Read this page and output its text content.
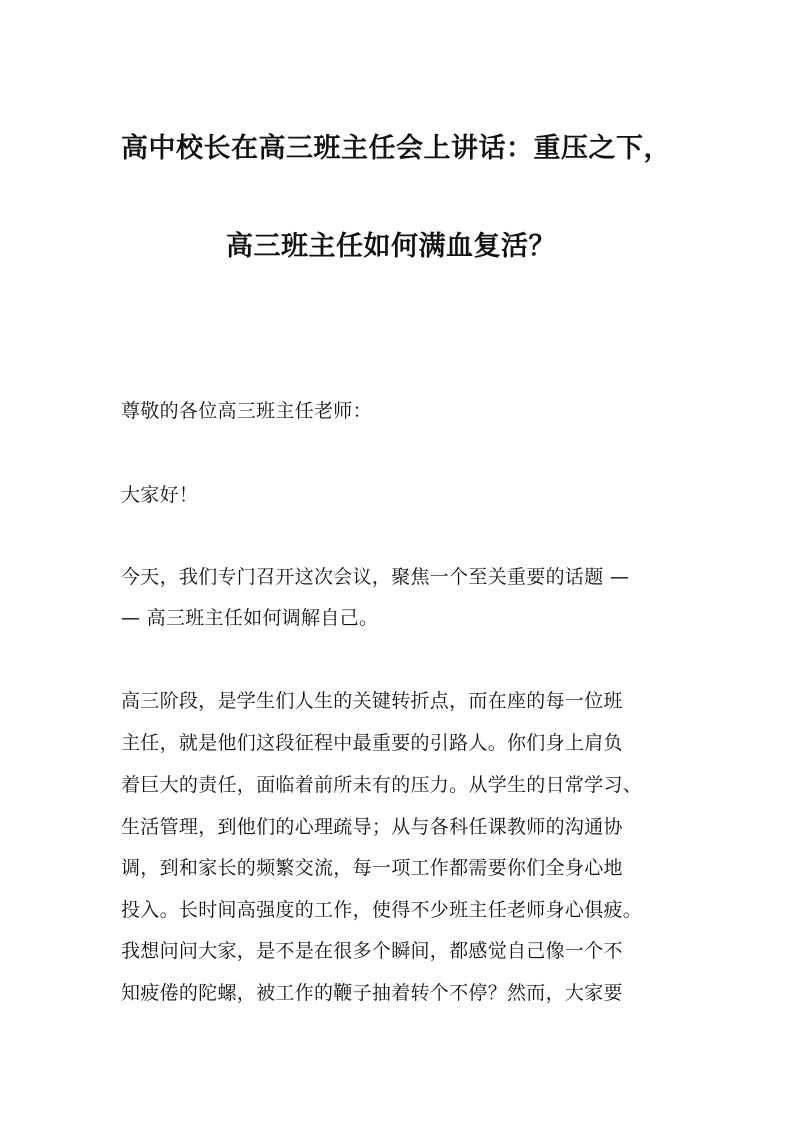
高中校长在高三班主任会上讲话：重压之下，
高三班主任如何满血复活？
尊敬的各位高三班主任老师：
大家好！
今天，我们专门召开这次会议，聚焦一个至关重要的话题 —
— 高三班主任如何调解自己。
高三阶段，是学生们人生的关键转折点，而在座的每一位班
主任，就是他们这段征程中最重要的引路人。你们身上肩负
着巨大的责任，面临着前所未有的压力。从学生的日常学习、
生活管理，到他们的心理疏导；从与各科任课教师的沟通协
调，到和家长的频繁交流，每一项工作都需要你们全身心地
投入。长时间高强度的工作，使得不少班主任老师身心俱疲。
我想问问大家，是不是在很多个瞬间，都感觉自己像一个不
知疲倦的陀螺，被工作的鞭子抽着转个不停？然而，大家要
